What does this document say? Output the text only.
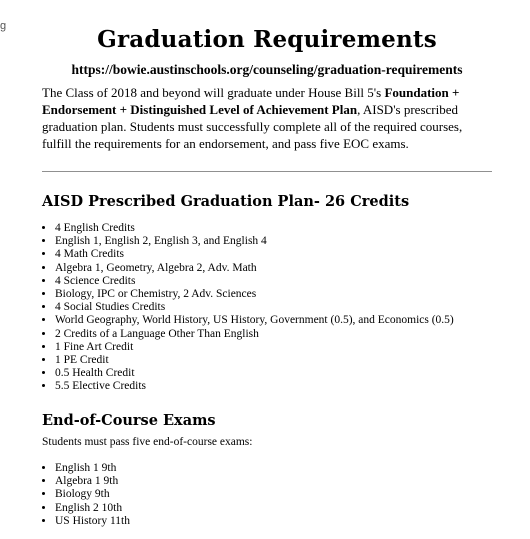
g	Graduation Requirements
https://bowie.austinschools.org/counseling/graduation-requirements

The Class of 2018 and beyond will graduate under House Bill 5's Foundation + Endorsement + Distinguished Level of Achievement Plan, AISD's prescribed graduation plan. Students must successfully complete all of the required courses, fulfill the requirements for an endorsement, and pass five EOC exams.

AISD Prescribed Graduation Plan- 26 Credits
• 4 English Credits
• English 1, English 2, English 3, and English 4
• 4 Math Credits
• Algebra 1, Geometry, Algebra 2, Adv. Math
• 4 Science Credits
• Biology, IPC or Chemistry, 2 Adv. Sciences
• 4 Social Studies Credits
• World Geography, World History, US History, Government (0.5), and Economics (0.5)
• 2 Credits of a Language Other Than English
• 1 Fine Art Credit
• 1 PE Credit
• 0.5 Health Credit
• 5.5 Elective Credits
End-of-Course Exams

Students must pass five end-of-course exams:

• English 1 9th
• Algebra 1 9th
• Biology 9th
• English 2 10th
• US History 11th
